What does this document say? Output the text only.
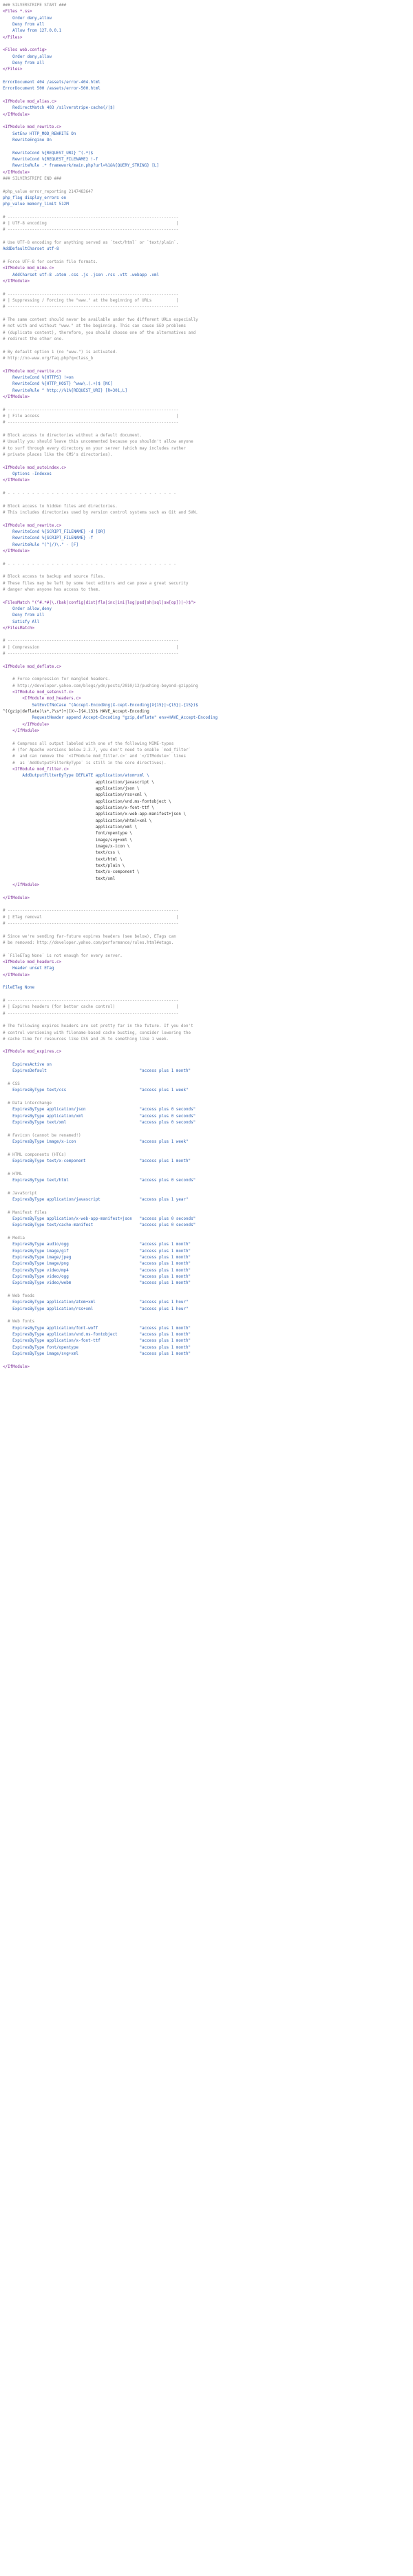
### SILVERSTRIPE START ###
<Files *.ss>
Order deny,allow
Deny from all
Allow from 127.0.0.1
</Files>
<Files web.config>
Order deny,allow
Deny from all
</Files>
ErrorDocument 404 /assets/error-404.html
ErrorDocument 500 /assets/error-500.html
<IfModule mod_alias.c>
RedirectMatch 403 /silverstripe-cache(/|$)
</IfModule>
<IfModule mod_rewrite.c>
SetEnv HTTP_MOD_REWRITE On
RewriteEngine On
RewriteCond %{REQUEST_URI} ^(.*)$
RewriteCond %{REQUEST_FILENAME} !-f
RewriteRule .* framework/main.php?url=%1&%{QUERY_STRING} [L]
</IfModule>
### SILVERSTRIPE END ###
#php_value error_reporting 2147483647
php_flag display_errors on
php_value memory_limit 512M
# ----------------------------------------------------------------------
# | UTF-8 encoding                                                     |
# ----------------------------------------------------------------------
# Use UTF-8 encoding for anything served as `text/html` or `text/plain`.
AddDefaultCharset utf-8
# Force UTF-8 for certain file formats.
<IfModule mod_mime.c>
AddCharset utf-8 .atom .css .js .json .rss .vtt .webapp .xml
</IfModule>
# ----------------------------------------------------------------------
# | Suppressing / Forcing the "www." at the beginning of URLs          |
# ----------------------------------------------------------------------
# The same content should never be available under two different URLs especially
# not with and without "www." at the beginning. This can cause SEO problems
# (duplicate content), therefore, you should choose one of the alternatives and
# redirect the other one.
# By default option 1 (no "www.") is activated.
# http://no-www.org/faq.php?q=class_b
<IfModule mod_rewrite.c>
RewriteCond %{HTTPS} !=on
RewriteCond %{HTTP_HOST} ^www\.(.+)$ [NC]
RewriteRule ^ http://%1%{REQUEST_URI} [R=301,L]
</IfModule>
# ----------------------------------------------------------------------
# | File access                                                        |
# ----------------------------------------------------------------------
# Block access to directories without a default document.
# Usually you should leave this uncommented because you shouldn't allow anyone
# to surf through every directory on your server (which may includes rather
# private places like the CMS's directories).
<IfModule mod_autoindex.c>
Options -Indexes
</IfModule>
# - - - - - - - - - - - - - - - - - - - - - - - - - - - - - - - - - - -
# Block access to hidden files and directories.
# This includes directories used by version control systems such as Git and SVN.
<IfModule mod_rewrite.c>
RewriteCond %{SCRIPT_FILENAME} -d [OR]
RewriteCond %{SCRIPT_FILENAME} -f
RewriteRule "(^|/)\." - [F]
</IfModule>
# - - - - - - - - - - - - - - - - - - - - - - - - - - - - - - - - - - -
# Block access to backup and source files.
# These files may be left by some text editors and can pose a great security
# danger when anyone has access to them.
<FilesMatch "(^#.*#|\.(bak|config|dist|fla|inc|ini|log|psd|sh|sql|sw[op])|~)$">
Order allow,deny
Deny from all
Satisfy All
</FilesMatch>
# ----------------------------------------------------------------------
# | Compression                                                        |
# ----------------------------------------------------------------------
<IfModule mod_deflate.c>
# Force compression for mangled headers.
# http://developer.yahoo.com/blogs/ydn/posts/2010/12/pushing-beyond-gzipping
<IfModule mod_setenvif.c>
<IfModule mod_headers.c>
SetEnvIfNoCase ^(Accept-EncodXng|X-cept-Encoding|X{15}|~{15}|-{15})$
^((gzip|deflate)\s*,?\s*)+|[X~-]{4,13}$ HAVE_Accept-Encoding
RequestHeader append Accept-Encoding "gzip,deflate" env=HAVE_Accept-Encoding
</IfModule>
</IfModule>
# Compress all output labeled with one of the following MIME-types
# (for Apache versions below 2.3.7, you don't need to enable `mod_filter`
#  and can remove the `<IfModule mod_filter.c>` and `</IfModule>` lines
#  as `AddOutputFilterByType` is still in the core directives).
<IfModule mod_filter.c>
AddOutputFilterByType DEFLATE application/atom+xml \
application/javascript \
application/json \
application/rss+xml \
application/vnd.ms-fontobject \
application/x-font-ttf \
application/x-web-app-manifest+json \
application/xhtml+xml \
application/xml \
font/opentype \
image/svg+xml \
image/x-icon \
text/css \
text/html \
text/plain \
text/x-component \
text/xml
</IfModule>
</IfModule>
# ----------------------------------------------------------------------
# | ETag removal                                                       |
# ----------------------------------------------------------------------
# Since we're sending far-future expires headers (see below), ETags can
# be removed: http://developer.yahoo.com/performance/rules.html#etags.
# `FileETag None` is not enough for every server.
<IfModule mod_headers.c>
Header unset ETag
</IfModule>
FileETag None
# ----------------------------------------------------------------------
# | Expires headers (for better cache control)                         |
# ----------------------------------------------------------------------
# The following expires headers are set pretty far in the future. If you don't
# control versioning with filename-based cache busting, consider lowering the
# cache time for resources like CSS and JS to something like 1 week.
<IfModule mod_expires.c>
ExpiresActive on
ExpiresDefault                                      "access plus 1 month"
# CSS
ExpiresByType text/css                              "access plus 1 week"
# Data interchange
ExpiresByType application/json                      "access plus 0 seconds"
ExpiresByType application/xml                       "access plus 0 seconds"
ExpiresByType text/xml                              "access plus 0 seconds"
# Favicon (cannot be renamed!)
ExpiresByType image/x-icon                          "access plus 1 week"
# HTML components (HTCs)
ExpiresByType text/x-component                      "access plus 1 month"
# HTML
ExpiresByType text/html                             "access plus 0 seconds"
# JavaScript
ExpiresByType application/javascript                "access plus 1 year"
# Manifest files
ExpiresByType application/x-web-app-manifest+json   "access plus 0 seconds"
ExpiresByType text/cache-manifest                   "access plus 0 seconds"
# Media
ExpiresByType audio/ogg                             "access plus 1 month"
ExpiresByType image/gif                             "access plus 1 month"
ExpiresByType image/jpeg                            "access plus 1 month"
ExpiresByType image/png                             "access plus 1 month"
ExpiresByType video/mp4                             "access plus 1 month"
ExpiresByType video/ogg                             "access plus 1 month"
ExpiresByType video/webm                            "access plus 1 month"
# Web feeds
ExpiresByType application/atom+xml                  "access plus 1 hour"
ExpiresByType application/rss+xml                   "access plus 1 hour"
# Web fonts
ExpiresByType application/font-woff                 "access plus 1 month"
ExpiresByType application/vnd.ms-fontobject         "access plus 1 month"
ExpiresByType application/x-font-ttf                "access plus 1 month"
ExpiresByType font/opentype                         "access plus 1 month"
ExpiresByType image/svg+xml                         "access plus 1 month"
</IfModule>
